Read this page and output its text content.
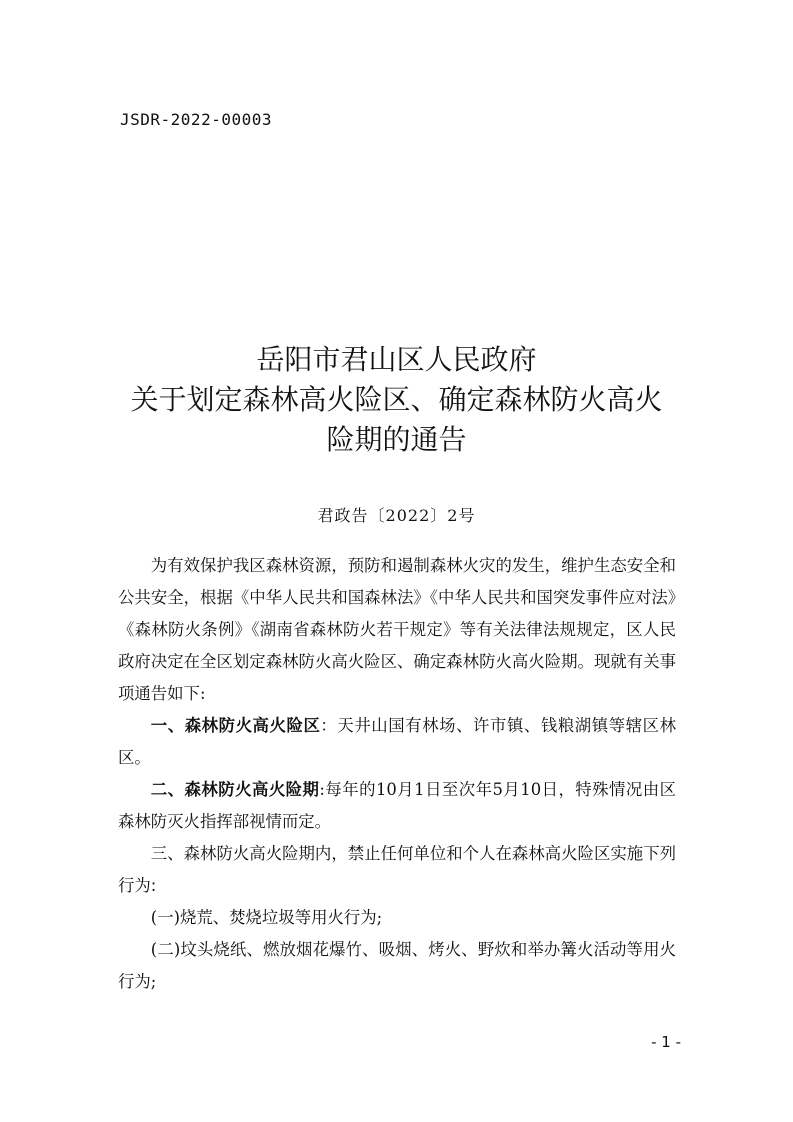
JSDR-2022-00003
岳阳市君山区人民政府
关于划定森林高火险区、确定森林防火高火
险期的通告
君政告〔2022〕2号

为有效保护我区森林资源，预防和遏制森林火灾的发生，维护生态安全和公共安全，根据《中华人民共和国森林法》《中华人民共和国突发事件应对法》《森林防火条例》《湖南省森林防火若干规定》等有关法律法规规定，区人民政府决定在全区划定森林防火高火险区、确定森林防火高火险期。现就有关事项通告如下:

一、森林防火高火险区：天井山国有林场、许市镇、钱粮湖镇等辖区林区。

二、森林防火高火险期:每年的10月1日至次年5月10日，特殊情况由区森林防灭火指挥部视情而定。

三、森林防火高火险期内，禁止任何单位和个人在森林高火险区实施下列行为:

(一)烧荒、焚烧垃圾等用火行为;

(二)坟头烧纸、燃放烟花爆竹、吸烟、烤火、野炊和举办篝火活动等用火行为;

- 1 -
